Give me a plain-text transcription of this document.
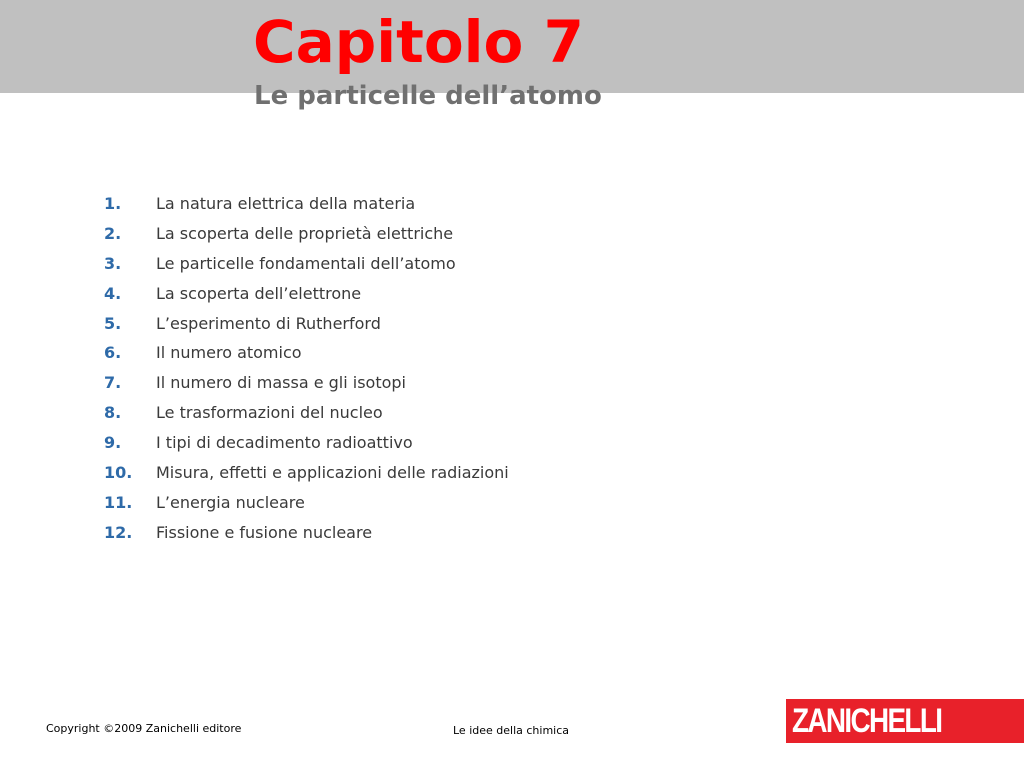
Capitolo 7
Le particelle dell’atomo
1.	La natura elettrica della materia
2.	La scoperta delle proprietà elettriche
3.	Le particelle fondamentali dell’atomo
4.	La scoperta dell’elettrone
5.	L’esperimento di Rutherford
6.	Il numero atomico
7.	Il numero di massa e gli isotopi
8.	Le trasformazioni del nucleo
9.	I tipi di decadimento radioattivo
10.	Misura, effetti e applicazioni delle radiazioni
11.	L’energia nucleare
12.	Fissione e fusione nucleare
Copyright ©2009 Zanichelli editore	Le idee della chimica	ZANICHELLI
